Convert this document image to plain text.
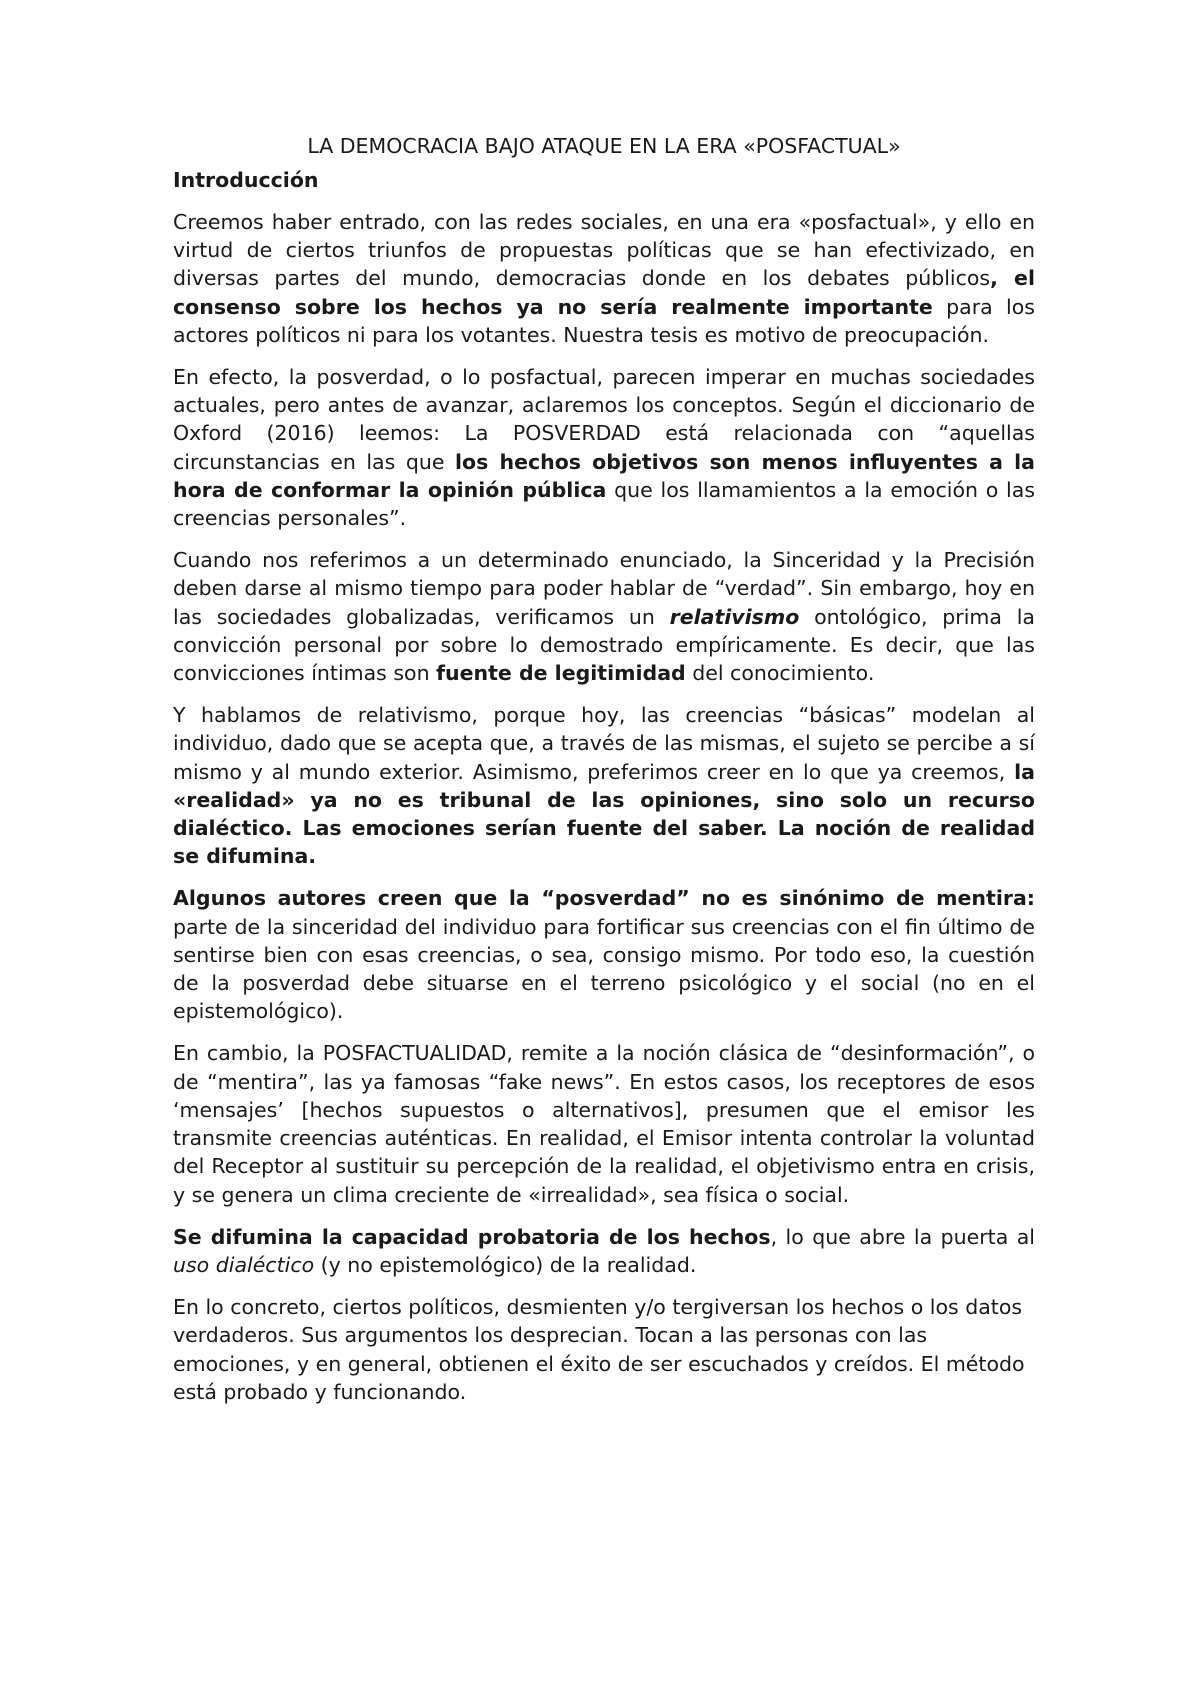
LA DEMOCRACIA BAJO ATAQUE EN LA ERA «POSFACTUAL»
Introducción

Creemos haber entrado, con las redes sociales, en una era «posfactual», y ello en virtud de ciertos triunfos de propuestas políticas que se han efectivizado, en diversas partes del mundo, democracias donde en los debates públicos, el consenso sobre los hechos ya no sería realmente importante para los actores políticos ni para los votantes. Nuestra tesis es motivo de preocupación.

En efecto, la posverdad, o lo posfactual, parecen imperar en muchas sociedades actuales, pero antes de avanzar, aclaremos los conceptos. Según el diccionario de Oxford (2016) leemos: La POSVERDAD está relacionada con “aquellas circunstancias en las que los hechos objetivos son menos influyentes a la hora de conformar la opinión pública que los llamamientos a la emoción o las creencias personales”.

Cuando nos referimos a un determinado enunciado, la Sinceridad y la Precisión deben darse al mismo tiempo para poder hablar de “verdad”. Sin embargo, hoy en las sociedades globalizadas, verificamos un relativismo ontológico, prima la convicción personal por sobre lo demostrado empíricamente. Es decir, que las convicciones íntimas son fuente de legitimidad del conocimiento.

Y hablamos de relativismo, porque hoy, las creencias “básicas” modelan al individuo, dado que se acepta que, a través de las mismas, el sujeto se percibe a sí mismo y al mundo exterior. Asimismo, preferimos creer en lo que ya creemos, la «realidad» ya no es tribunal de las opiniones, sino solo un recurso dialéctico. Las emociones serían fuente del saber. La noción de realidad se difumina.

Algunos autores creen que la “posverdad” no es sinónimo de mentira: parte de la sinceridad del individuo para fortificar sus creencias con el fin último de sentirse bien con esas creencias, o sea, consigo mismo. Por todo eso, la cuestión de la posverdad debe situarse en el terreno psicológico y el social (no en el epistemológico).

En cambio, la POSFACTUALIDAD, remite a la noción clásica de “desinformación”, o de “mentira”, las ya famosas “fake news”. En estos casos, los receptores de esos ‘mensajes’ [hechos supuestos o alternativos], presumen que el emisor les transmite creencias auténticas. En realidad, el Emisor intenta controlar la voluntad del Receptor al sustituir su percepción de la realidad, el objetivismo entra en crisis, y se genera un clima creciente de «irrealidad», sea física o social.

Se difumina la capacidad probatoria de los hechos, lo que abre la puerta al uso dialéctico (y no epistemológico) de la realidad.

En lo concreto, ciertos políticos, desmienten y/o tergiversan los hechos o los datos verdaderos. Sus argumentos los desprecian. Tocan a las personas con las emociones, y en general, obtienen el éxito de ser escuchados y creídos. El método está probado y funcionando.
